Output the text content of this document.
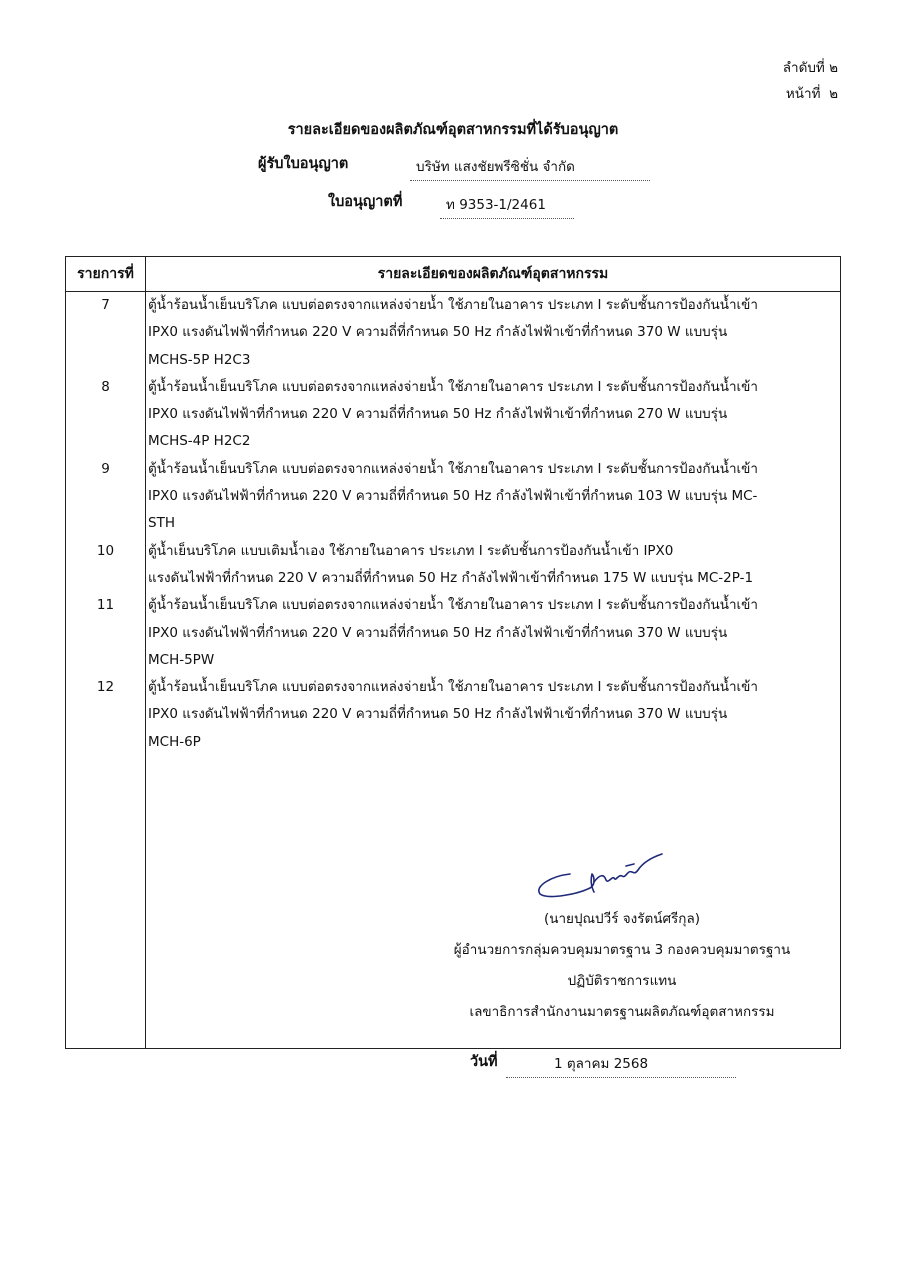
ลำดับที่ ๒
หน้าที่ ๒
รายละเอียดของผลิตภัณฑ์อุตสาหกรรมที่ได้รับอนุญาต
ผู้รับใบอนุญาต	บริษัท แสงชัยพรีซิชั่น จำกัด
ใบอนุญาตที่	ท 9353-1/2461
รายการที่	รายละเอียดของผลิตภัณฑ์อุตสาหกรรม
7	ตู้น้ำร้อนน้ำเย็นบริโภค แบบต่อตรงจากแหล่งจ่ายน้ำ ใช้ภายในอาคาร ประเภท I ระดับชั้นการป้องกันน้ำเข้า
IPX0 แรงดันไฟฟ้าที่กำหนด 220 V ความถี่ที่กำหนด 50 Hz กำลังไฟฟ้าเข้าที่กำหนด 370 W แบบรุ่น
MCHS-5P H2C3

8	ตู้น้ำร้อนน้ำเย็นบริโภค แบบต่อตรงจากแหล่งจ่ายน้ำ ใช้ภายในอาคาร ประเภท I ระดับชั้นการป้องกันน้ำเข้า
IPX0 แรงดันไฟฟ้าที่กำหนด 220 V ความถี่ที่กำหนด 50 Hz กำลังไฟฟ้าเข้าที่กำหนด 270 W แบบรุ่น
MCHS-4P H2C2

9	ตู้น้ำร้อนน้ำเย็นบริโภค แบบต่อตรงจากแหล่งจ่ายน้ำ ใช้ภายในอาคาร ประเภท I ระดับชั้นการป้องกันน้ำเข้า
IPX0 แรงดันไฟฟ้าที่กำหนด 220 V ความถี่ที่กำหนด 50 Hz กำลังไฟฟ้าเข้าที่กำหนด 103 W แบบรุ่น MC-
STH

10	ตู้น้ำเย็นบริโภค แบบเติมน้ำเอง ใช้ภายในอาคาร ประเภท I ระดับชั้นการป้องกันน้ำเข้า IPX0
แรงดันไฟฟ้าที่กำหนด 220 V ความถี่ที่กำหนด 50 Hz กำลังไฟฟ้าเข้าที่กำหนด 175 W แบบรุ่น MC-2P-1

11	ตู้น้ำร้อนน้ำเย็นบริโภค แบบต่อตรงจากแหล่งจ่ายน้ำ ใช้ภายในอาคาร ประเภท I ระดับชั้นการป้องกันน้ำเข้า
IPX0 แรงดันไฟฟ้าที่กำหนด 220 V ความถี่ที่กำหนด 50 Hz กำลังไฟฟ้าเข้าที่กำหนด 370 W แบบรุ่น
MCH-5PW

12	ตู้น้ำร้อนน้ำเย็นบริโภค แบบต่อตรงจากแหล่งจ่ายน้ำ ใช้ภายในอาคาร ประเภท I ระดับชั้นการป้องกันน้ำเข้า
IPX0 แรงดันไฟฟ้าที่กำหนด 220 V ความถี่ที่กำหนด 50 Hz กำลังไฟฟ้าเข้าที่กำหนด 370 W แบบรุ่น
MCH-6P

(นายปุณปวีร์ จงรัตน์ศรีกุล)
ผู้อำนวยการกลุ่มควบคุมมาตรฐาน 3 กองควบคุมมาตรฐาน
ปฏิบัติราชการแทน
เลขาธิการสำนักงานมาตรฐานผลิตภัณฑ์อุตสาหกรรม
วันที่	1 ตุลาคม 2568
